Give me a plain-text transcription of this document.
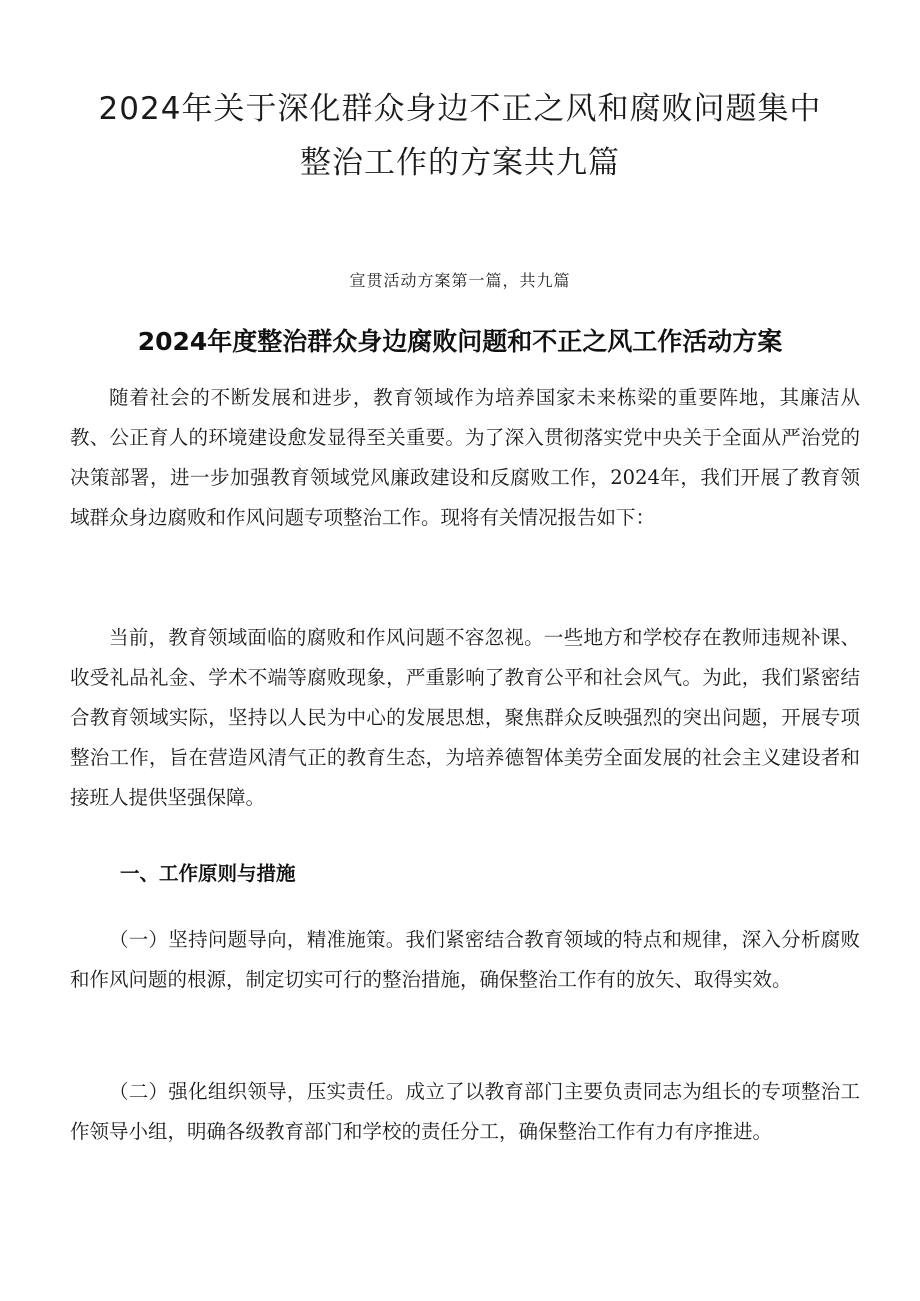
2024年关于深化群众身边不正之风和腐败问题集中
整治工作的方案共九篇

宣贯活动方案第一篇，共九篇

2024年度整治群众身边腐败问题和不正之风工作活动方案

随着社会的不断发展和进步，教育领域作为培养国家未来栋梁的重要阵地，其廉洁从教、公正育人的环境建设愈发显得至关重要。为了深入贯彻落实党中央关于全面从严治党的决策部署，进一步加强教育领域党风廉政建设和反腐败工作，2024年，我们开展了教育领域群众身边腐败和作风问题专项整治工作。现将有关情况报告如下：

当前，教育领域面临的腐败和作风问题不容忽视。一些地方和学校存在教师违规补课、收受礼品礼金、学术不端等腐败现象，严重影响了教育公平和社会风气。为此，我们紧密结合教育领域实际，坚持以人民为中心的发展思想，聚焦群众反映强烈的突出问题，开展专项整治工作，旨在营造风清气正的教育生态，为培养德智体美劳全面发展的社会主义建设者和接班人提供坚强保障。

一、工作原则与措施

（一）坚持问题导向，精准施策。我们紧密结合教育领域的特点和规律，深入分析腐败和作风问题的根源，制定切实可行的整治措施，确保整治工作有的放矢、取得实效。

（二）强化组织领导，压实责任。成立了以教育部门主要负责同志为组长的专项整治工作领导小组，明确各级教育部门和学校的责任分工，确保整治工作有力有序推进。
